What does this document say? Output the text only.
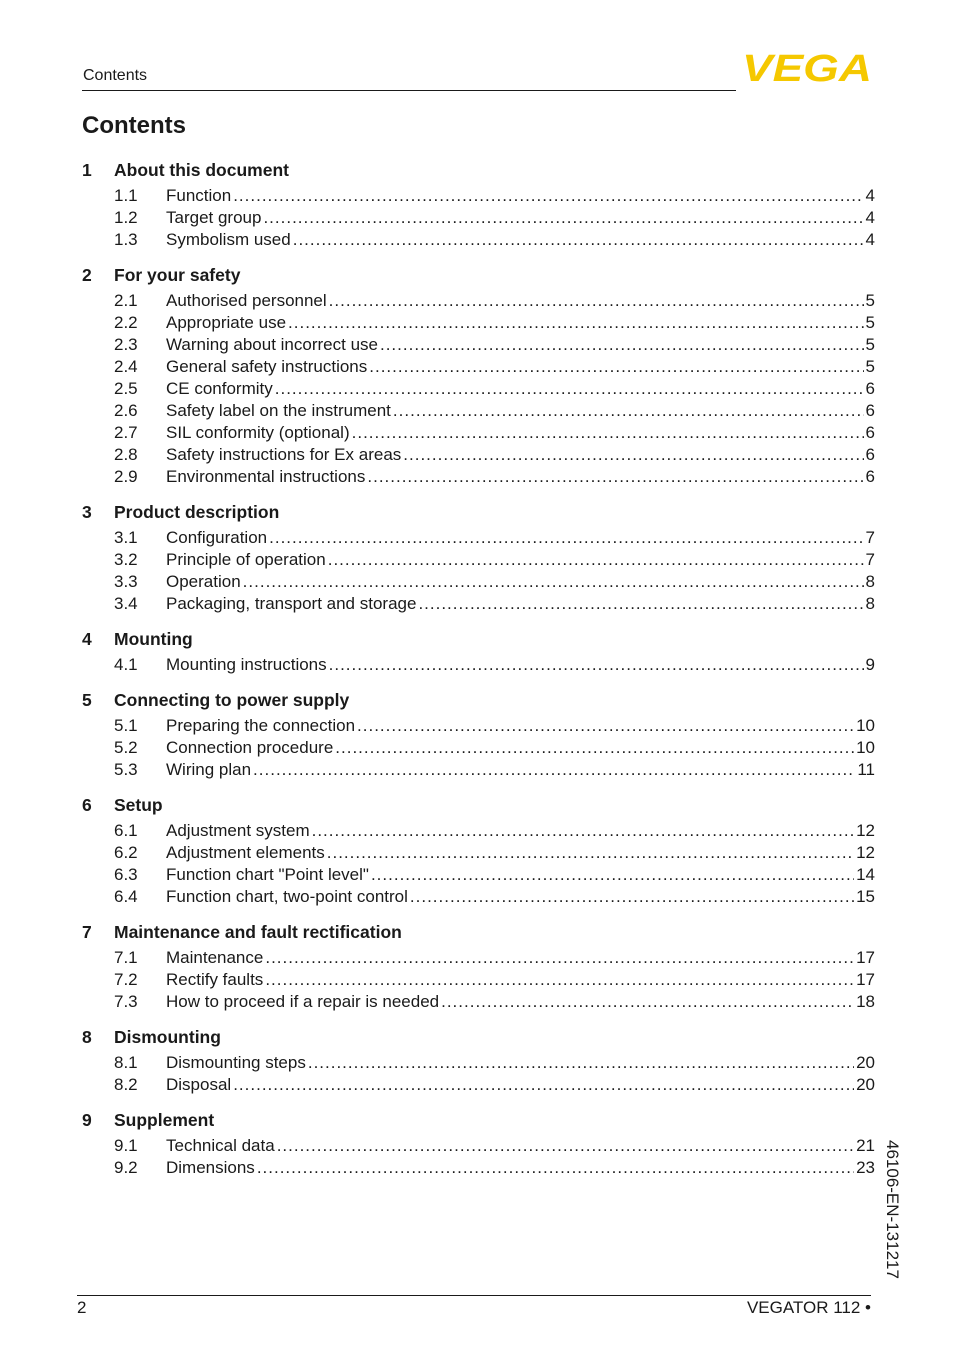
Contents	VEGA
Contents
1	About this document
1.1	Function .....	4
1.2	Target group .....	4
1.3	Symbolism used .....	4
2	For your safety
2.1	Authorised personnel .....	5
2.2	Appropriate use .....	5
2.3	Warning about incorrect use .....	5
2.4	General safety instructions .....	5
2.5	CE conformity .....	6
2.6	Safety label on the instrument .....	6
2.7	SIL conformity (optional) .....	6
2.8	Safety instructions for Ex areas .....	6
2.9	Environmental instructions .....	6
3	Product description
3.1	Configuration .....	7
3.2	Principle of operation .....	7
3.3	Operation .....	8
3.4	Packaging, transport and storage .....	8
4	Mounting
4.1	Mounting instructions .....	9
5	Connecting to power supply
5.1	Preparing the connection .....	10
5.2	Connection procedure .....	10
5.3	Wiring plan .....	11
6	Setup
6.1	Adjustment system .....	12
6.2	Adjustment elements .....	12
6.3	Function chart "Point level" .....	14
6.4	Function chart, two-point control .....	15
7	Maintenance and fault rectification
7.1	Maintenance .....	17
7.2	Rectify faults .....	17
7.3	How to proceed if a repair is needed .....	18
8	Dismounting
8.1	Dismounting steps .....	20
8.2	Disposal .....	20
9	Supplement
9.1	Technical data .....	21
9.2	Dimensions .....	23 46106-EN-131217
2	VEGATOR 112 •
